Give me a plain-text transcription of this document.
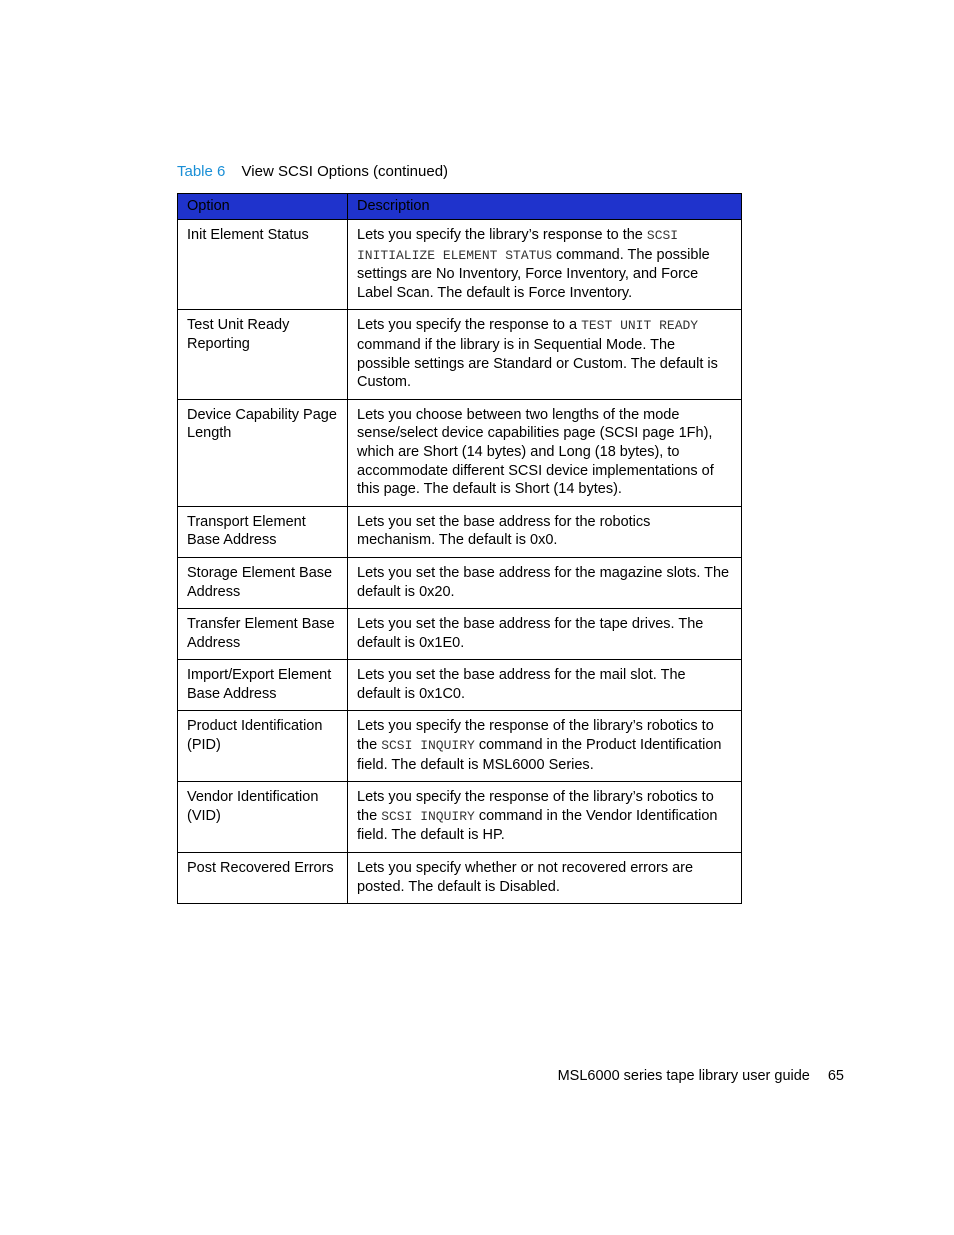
Table 6 View SCSI Options (continued)
Option	Description
Init Element Status	Lets you specify the library’s response to the SCSI INITIALIZE ELEMENT STATUS command. The possible settings are No Inventory, Force Inventory, and Force Label Scan. The default is Force Inventory.
Test Unit Ready Reporting	Lets you specify the response to a TEST UNIT READY command if the library is in Sequential Mode. The possible settings are Standard or Custom. The default is Custom.
Device Capability Page Length	Lets you choose between two lengths of the mode sense/select device capabilities page (SCSI page 1Fh), which are Short (14 bytes) and Long (18 bytes), to accommodate different SCSI device implementations of this page. The default is Short (14 bytes).
Transport Element Base Address	Lets you set the base address for the robotics mechanism. The default is 0x0.
Storage Element Base Address	Lets you set the base address for the magazine slots. The default is 0x20.
Transfer Element Base Address	Lets you set the base address for the tape drives. The default is 0x1E0.
Import/Export Element Base Address	Lets you set the base address for the mail slot. The default is 0x1C0.
Product Identification (PID)	Lets you specify the response of the library’s robotics to the SCSI INQUIRY command in the Product Identification field. The default is MSL6000 Series.
Vendor Identification (VID)	Lets you specify the response of the library’s robotics to the SCSI INQUIRY command in the Vendor Identification field. The default is HP.
Post Recovered Errors	Lets you specify whether or not recovered errors are posted. The default is Disabled.
MSL6000 series tape library user guide 65
